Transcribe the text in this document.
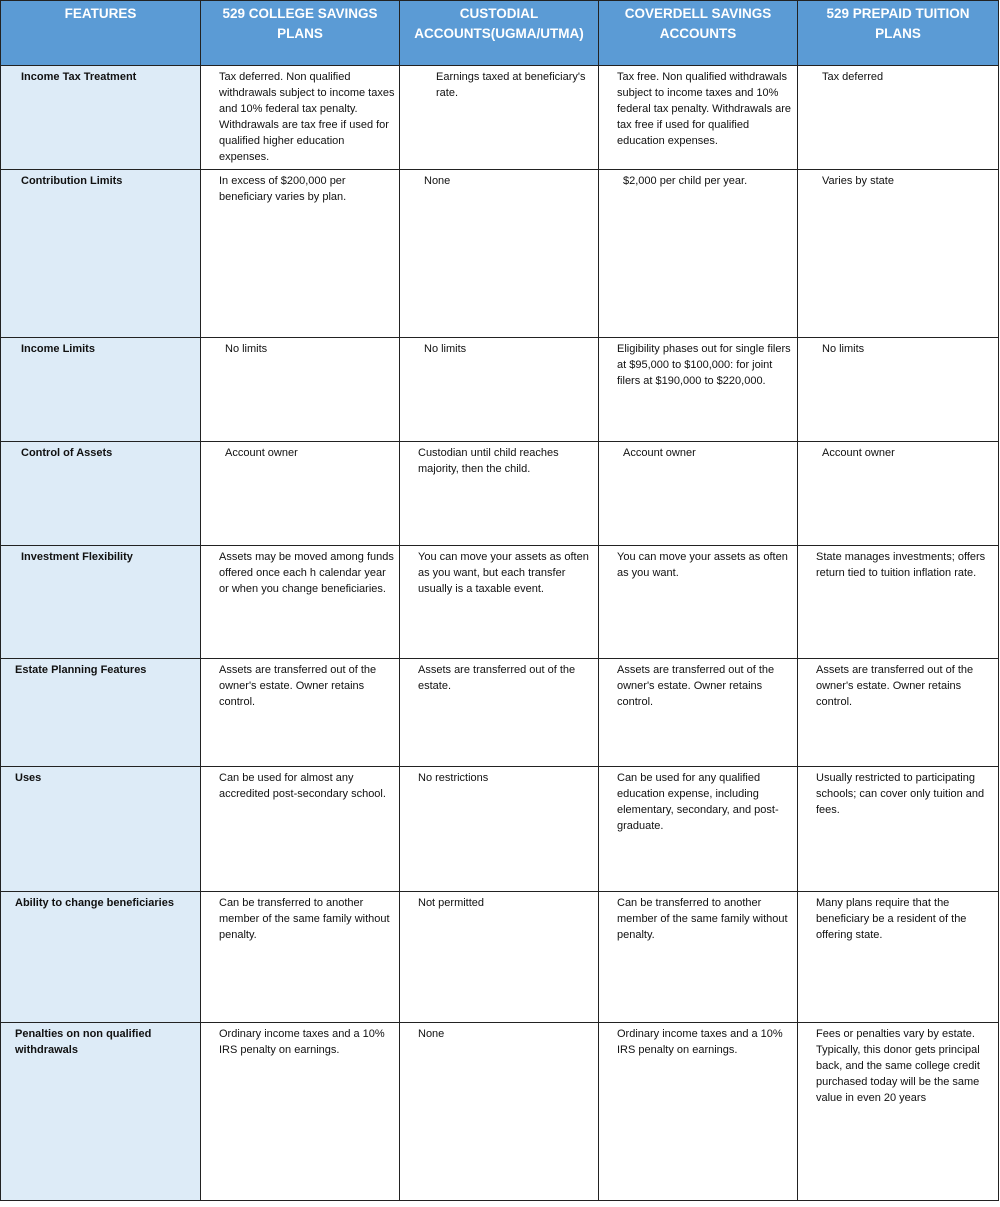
FEATURES	529 COLLEGE SAVINGS PLANS	CUSTODIAL ACCOUNTS(UGMA/UTMA)	COVERDELL SAVINGS ACCOUNTS	529 PREPAID TUITION PLANS

Income Tax Treatment	Tax deferred. Non qualified withdrawals subject to income taxes and 10% federal tax penalty. Withdrawals are tax free if used for qualified higher education expenses.	Earnings taxed at beneficiary's rate.	Tax free. Non qualified withdrawals subject to income taxes and 10% federal tax penalty. Withdrawals are tax free if used for qualified education expenses.	Tax deferred

Contribution Limits	In excess of $200,000 per beneficiary varies by plan.	None	$2,000 per child per year.	Varies by state

Income Limits	No limits	No limits	Eligibility phases out for single filers at $95,000 to $100,000: for joint filers at $190,000 to $220,000.	No limits

Control of Assets	Account owner	Custodian until child reaches majority, then the child.	Account owner	Account owner

Investment Flexibility	Assets may be moved among funds offered once each h calendar year or when you change beneficiaries.	You can move your assets as often as you want, but each transfer usually is a taxable event.	You can move your assets as often as you want.	State manages investments; offers return tied to tuition inflation rate.

Estate Planning Features	Assets are transferred out of the owner's estate. Owner retains control.	Assets are transferred out of the estate.	Assets are transferred out of the owner's estate. Owner retains control.	Assets are transferred out of the owner's estate. Owner retains control.

Uses	Can be used for almost any accredited post-secondary school.	No restrictions	Can be used for any qualified education expense, including elementary, secondary, and post-graduate.	Usually restricted to participating schools; can cover only tuition and fees.

Ability to change beneficiaries	Can be transferred to another member of the same family without penalty.	Not permitted	Can be transferred to another member of the same family without penalty.	Many plans require that the beneficiary be a resident of the offering state.

Penalties on non qualified withdrawals	Ordinary income taxes and a 10% IRS penalty on earnings.	None	Ordinary income taxes and a 10% IRS penalty on earnings.	Fees or penalties vary by estate. Typically, this donor gets principal back, and the same college credit purchased today will be the same value in even 20 years
